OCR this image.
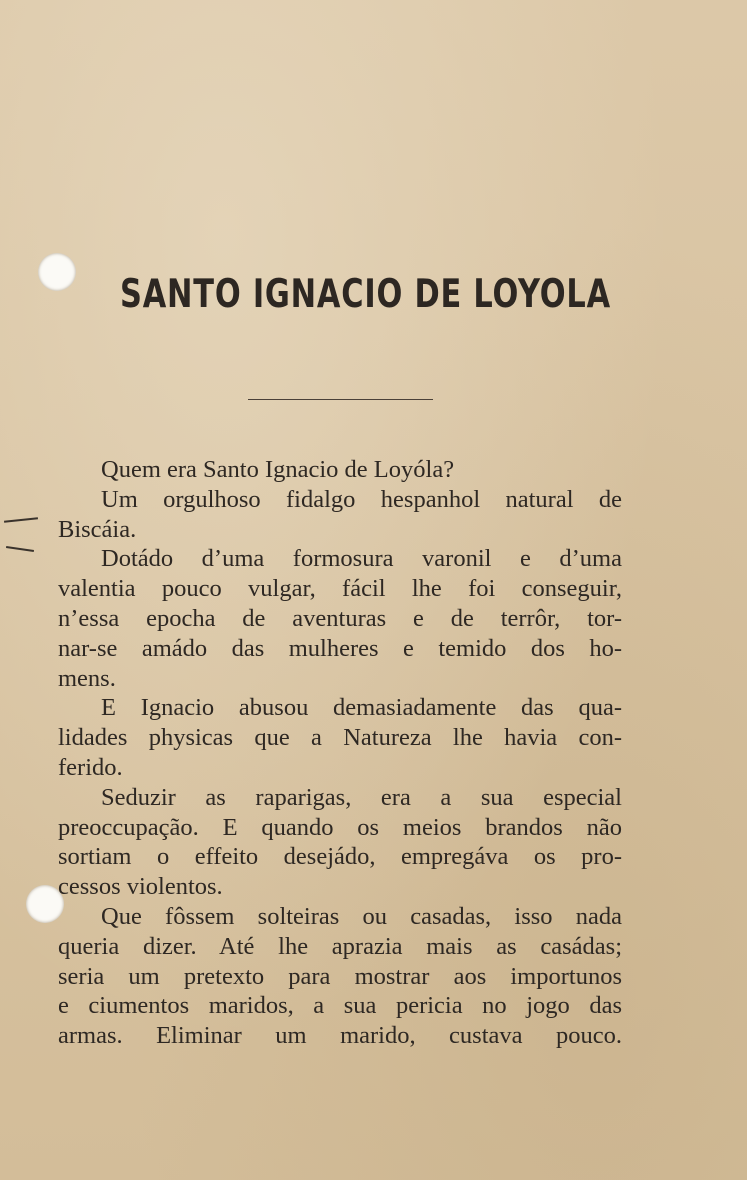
SANTO IGNACIO DE LOYOLA
Quem era Santo Ignacio de Loyóla?
Um orgulhoso fidalgo hespanhol natural de
Biscáia.
Dotádo d’uma formosura varonil e d’uma
valentia pouco vulgar, fácil lhe foi conseguir,
n’essa epocha de aventuras e de terrôr, tor-
nar-se amádo das mulheres e temido dos ho-
mens.
E Ignacio abusou demasiadamente das qua-
lidades physicas que a Natureza lhe havia con-
ferido.
Seduzir as raparigas, era a sua especial
preoccupação. E quando os meios brandos não
sortiam o effeito desejádo, empregáva os pro-
cessos violentos.
Que fôssem solteiras ou casadas, isso nada
queria dizer. Até lhe aprazia mais as casádas;
seria um pretexto para mostrar aos importunos
e ciumentos maridos, a sua pericia no jogo das
armas. Eliminar um marido, custava pouco.
